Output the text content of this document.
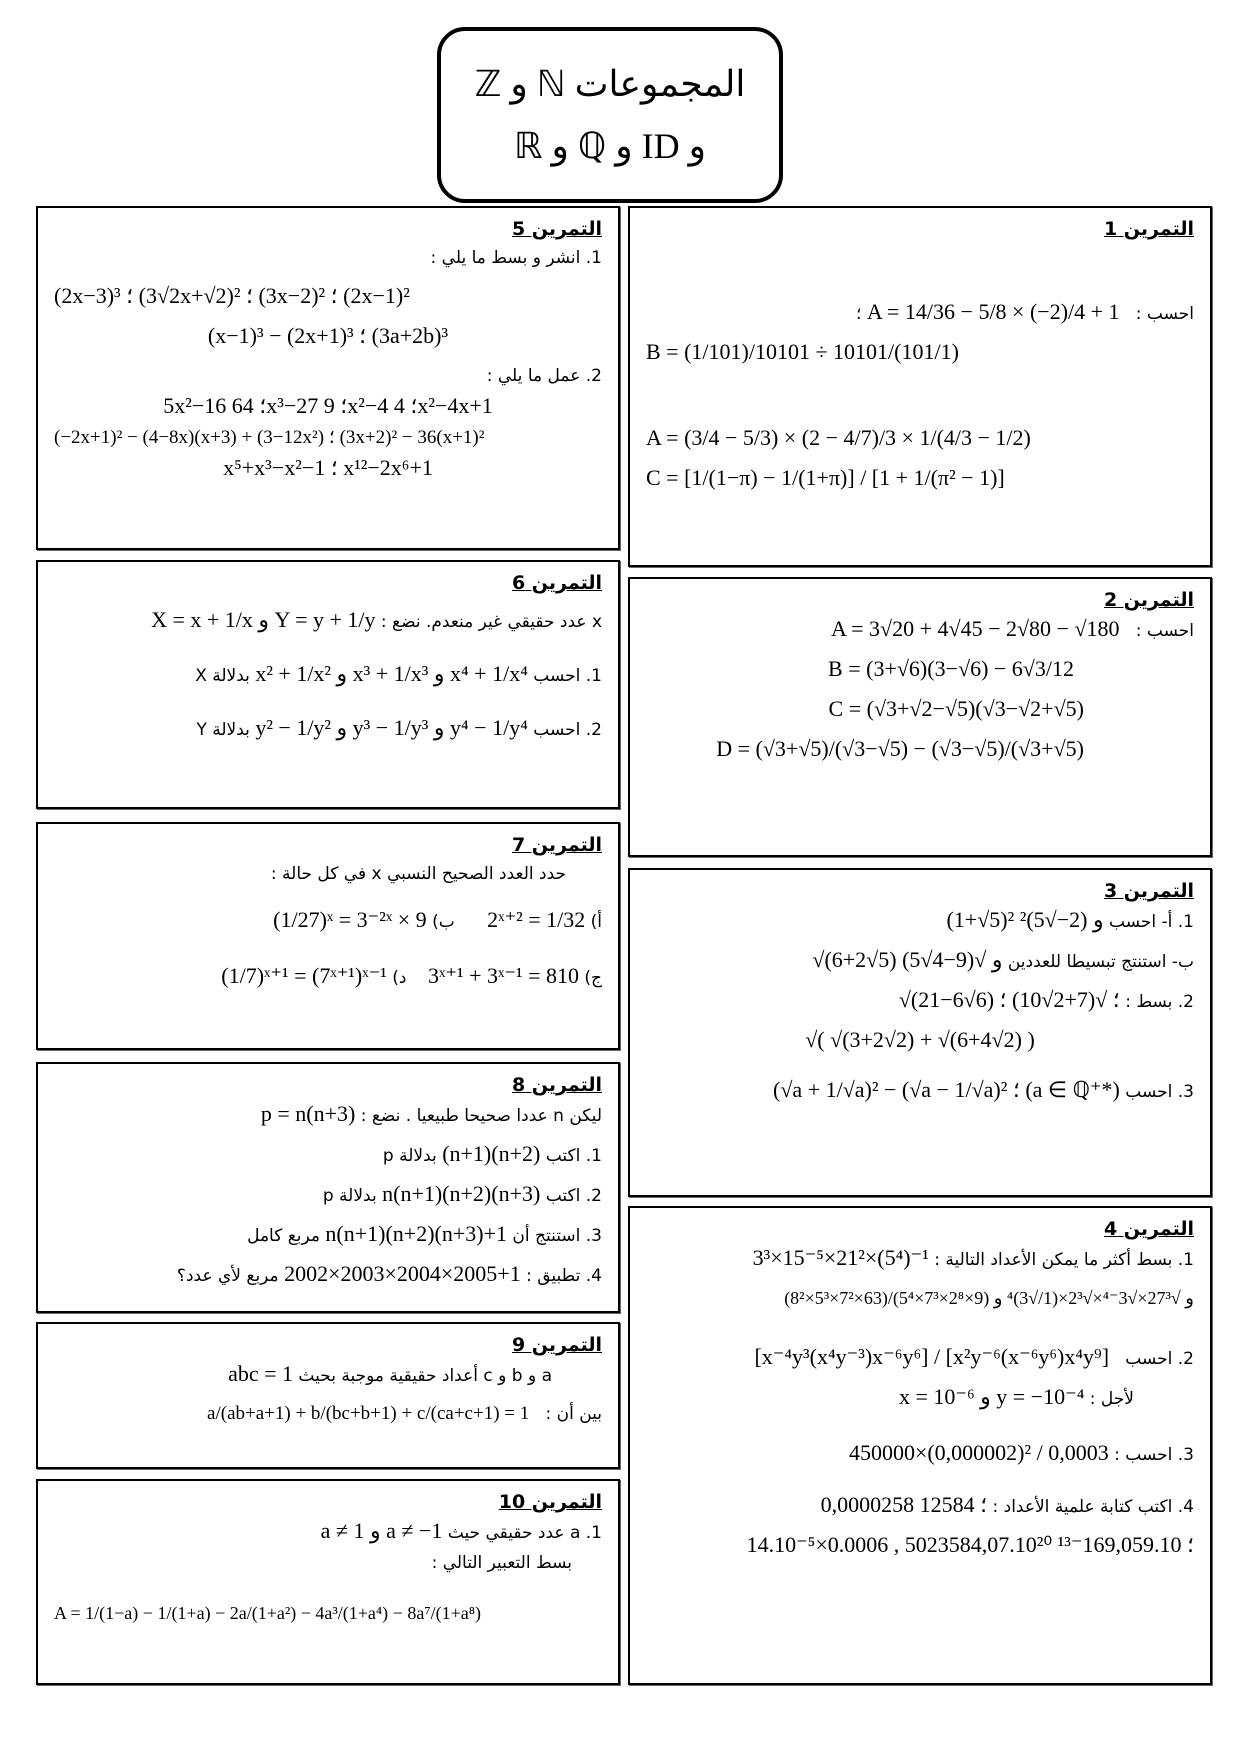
المجموعات ℕ و ℤ
و ID و ℚ و ℝ
التمرين 1
احسب :   A = 14/36 − 5/8 × (−2)/4 + 1 ؛
B = (1/101)/10101 ÷ 10101/(101/1)
A = (3/4 − 5/3) × (2 − 4/7)/3 × 1/(4/3 − 1/2)
C = [1/(1−π) − 1/(1+π)] / [1 + 1/(π² − 1)]
التمرين 2
احسب :   A = 3√20 + 4√45 − 2√80 − √180
B = (3+√6)(3−√6) − 6√3/12
C = (√3+√2−√5)(√3−√2+√5)
D = (√3+√5)/(√3−√5) − (√3−√5)/(√3+√5)
التمرين 3
1. أ- احسب (1+√5)² و (2−√5)²
ب- استنتج تبسيطا للعددين √(6+2√5) و √(9−4√5)
2. بسط : √(21−6√6) ؛ √(7+2√10) ؛
√( √(3+2√2) + √(6+4√2) )
3. احسب (√a + 1/√a)² − (√a − 1/√a)² ؛ (a ∈ ℚ⁺*)
التمرين 4
1. بسط أكثر ما يمكن الأعداد التالية : 3³×15⁻⁵×21²×(5⁴)⁻¹
(8²×5³×7²×63)/(5⁴×7³×2⁸×9) و √27³×√3⁻⁴×√2³×(1/√3)⁴ و
2. احسب   [x⁻⁴y³(x⁴y⁻³)x⁻⁶y⁶] / [x²y⁻⁶(x⁻⁶y⁶)x⁴y⁹]
لأجل : x = 10⁻⁶ و y = −10⁻⁴
3. احسب : 450000×(0,000002)² / 0,0003
4. اكتب كتابة علمية الأعداد : 0,0000258 ؛ 12584
14.10⁻⁵×0.0006 , 5023584,07.10²⁰ ؛ 169,059.10⁻¹³
التمرين 5
1. انشر و بسط ما يلي :
(2x−3)³ ؛ (2√3x+√2)² ؛ (3x−2)² ؛ (2x−1)²
(x−1)³ − (2x+1)³ ؛ (3a+2b)³
2. عمل ما يلي :
5x²−16 ؛ 64x³−27 ؛ 9x²−4 ؛ 4x²−4x+1
(−2x+1)² − (4−8x)(x+3) + (3−12x²) ؛ (3x+2)² − 36(x+1)²
x⁵+x³−x²−1 ؛ x¹²−2x⁶+1
التمرين 6
x عدد حقيقي غير منعدم. نضع : X = x + 1/x و Y = y + 1/y
1. احسب x² + 1/x² و x³ + 1/x³ و x⁴ + 1/x⁴ بدلالة X
2. احسب y² − 1/y² و y³ − 1/y³ و y⁴ − 1/y⁴ بدلالة Y
التمرين 7
حدد العدد الصحيح النسبي x في كل حالة :
أ) 2ˣ⁺² = 1/32      ب) (1/27)ˣ = 3⁻²ˣ × 9
ج) 3ˣ⁺¹ + 3ˣ⁻¹ = 810    د) (1/7)ˣ⁺¹ = (7ˣ⁺¹)ˣ⁻¹
التمرين 8
ليكن n عددا صحيحا طبيعيا . نضع : p = n(n+3)
1. اكتب (n+1)(n+2) بدلالة p
2. اكتب n(n+1)(n+2)(n+3) بدلالة p
3. استنتج أن n(n+1)(n+2)(n+3)+1 مربع كامل
4. تطبيق : 2002×2003×2004×2005+1 مربع لأي عدد؟
التمرين 9
a و b و c أعداد حقيقية موجبة بحيث abc = 1
بين أن :   a/(ab+a+1) + b/(bc+b+1) + c/(ca+c+1) = 1
التمرين 10
1. a عدد حقيقي حيث a ≠ 1 و a ≠ −1
بسط التعبير التالي :
A = 1/(1−a) − 1/(1+a) − 2a/(1+a²) − 4a³/(1+a⁴) − 8a⁷/(1+a⁸)
